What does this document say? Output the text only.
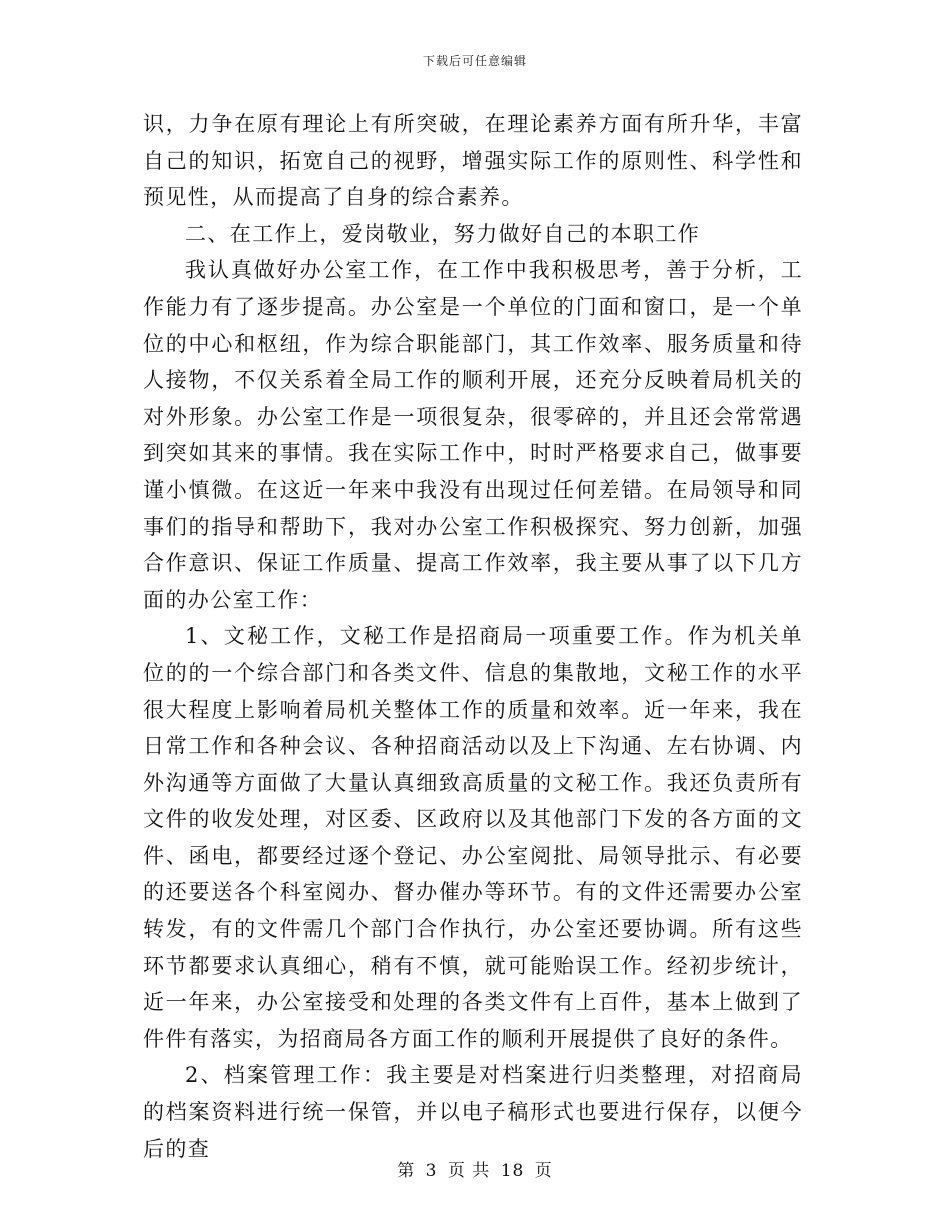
下载后可任意编辑

识，力争在原有理论上有所突破，在理论素养方面有所升华，丰富自己的知识，拓宽自己的视野，增强实际工作的原则性、科学性和预见性，从而提高了自身的综合素养。

二、在工作上，爱岗敬业，努力做好自己的本职工作

我认真做好办公室工作，在工作中我积极思考，善于分析，工作能力有了逐步提高。办公室是一个单位的门面和窗口，是一个单位的中心和枢纽，作为综合职能部门，其工作效率、服务质量和待人接物，不仅关系着全局工作的顺利开展，还充分反映着局机关的对外形象。办公室工作是一项很复杂，很零碎的，并且还会常常遇到突如其来的事情。我在实际工作中，时时严格要求自己，做事要谨小慎微。在这近一年来中我没有出现过任何差错。在局领导和同事们的指导和帮助下，我对办公室工作积极探究、努力创新，加强合作意识、保证工作质量、提高工作效率，我主要从事了以下几方面的办公室工作：

1、文秘工作，文秘工作是招商局一项重要工作。作为机关单位的的一个综合部门和各类文件、信息的集散地，文秘工作的水平很大程度上影响着局机关整体工作的质量和效率。近一年来，我在日常工作和各种会议、各种招商活动以及上下沟通、左右协调、内外沟通等方面做了大量认真细致高质量的文秘工作。我还负责所有文件的收发处理，对区委、区政府以及其他部门下发的各方面的文件、函电，都要经过逐个登记、办公室阅批、局领导批示、有必要的还要送各个科室阅办、督办催办等环节。有的文件还需要办公室转发，有的文件需几个部门合作执行，办公室还要协调。所有这些环节都要求认真细心，稍有不慎，就可能贻误工作。经初步统计，近一年来，办公室接受和处理的各类文件有上百件，基本上做到了件件有落实，为招商局各方面工作的顺利开展提供了良好的条件。

2、档案管理工作：我主要是对档案进行归类整理，对招商局的档案资料进行统一保管，并以电子稿形式也要进行保存，以便今后的查

第 3 页 共 18 页
